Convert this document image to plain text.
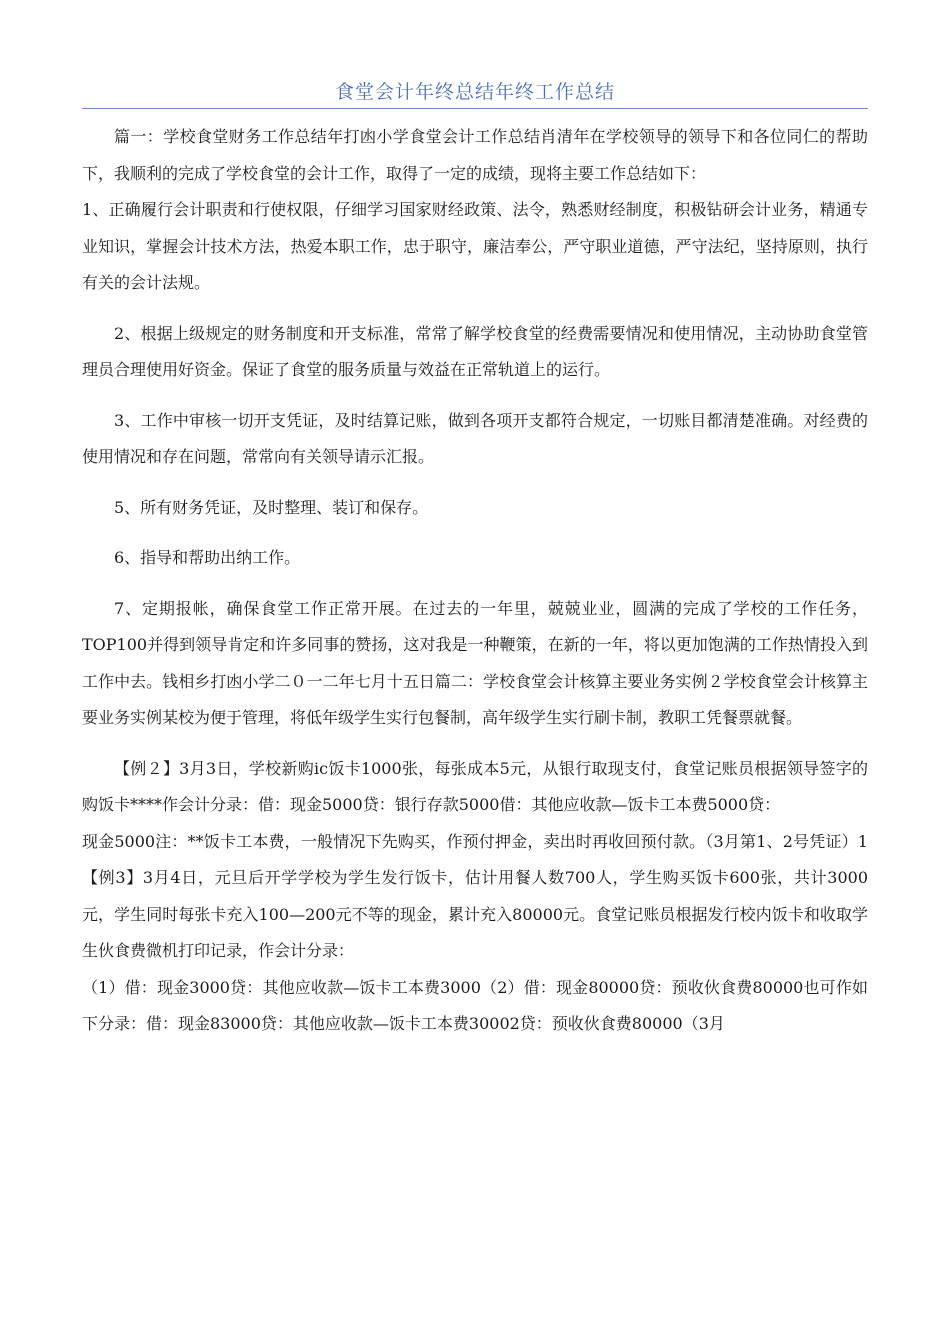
食堂会计年终总结年终工作总结

篇一：学校食堂财务工作总结年打凼小学食堂会计工作总结肖清年在学校领导的领导下和各位同仁的帮助下，我顺利的完成了学校食堂的会计工作，取得了一定的成绩，现将主要工作总结如下：

1、正确履行会计职责和行使权限，仔细学习国家财经政策、法令，熟悉财经制度，积极钻研会计业务，精通专业知识，掌握会计技术方法，热爱本职工作，忠于职守，廉洁奉公，严守职业道德，严守法纪，坚持原则，执行有关的会计法规。

2、根据上级规定的财务制度和开支标准，常常了解学校食堂的经费需要情况和使用情况，主动协助食堂管理员合理使用好资金。保证了食堂的服务质量与效益在正常轨道上的运行。

3、工作中审核一切开支凭证，及时结算记账，做到各项开支都符合规定，一切账目都清楚准确。对经费的使用情况和存在问题，常常向有关领导请示汇报。

5、所有财务凭证，及时整理、装订和保存。

6、指导和帮助出纳工作。

7、定期报帐，确保食堂工作正常开展。在过去的一年里，兢兢业业，圆满的完成了学校的工作任务，TOP100并得到领导肯定和许多同事的赞扬，这对我是一种鞭策，在新的一年，将以更加饱满的工作热情投入到工作中去。钱相乡打凼小学二０一二年七月十五日篇二：学校食堂会计核算主要业务实例２学校食堂会计核算主要业务实例某校为便于管理，将低年级学生实行包餐制，高年级学生实行刷卡制，教职工凭餐票就餐。

【例２】3月3日，学校新购ic饭卡1000张，每张成本5元，从银行取现支付，食堂记账员根据领导签字的购饭卡****作会计分录：借：现金5000贷：银行存款5000借：其他应收款—饭卡工本费5000贷：

现金5000注：**饭卡工本费，一般情况下先购买，作预付押金，卖出时再收回预付款。（3月第1、2号凭证）1【例3】3月4日，元旦后开学学校为学生发行饭卡，估计用餐人数700人，学生购买饭卡600张，共计3000元，学生同时每张卡充入100—200元不等的现金，累计充入80000元。食堂记账员根据发行校内饭卡和收取学生伙食费微机打印记录，作会计分录：

（1）借：现金3000贷：其他应收款—饭卡工本费3000（2）借：现金80000贷：预收伙食费80000也可作如下分录：借：现金83000贷：其他应收款—饭卡工本费30002贷：预收伙食费80000（3月
